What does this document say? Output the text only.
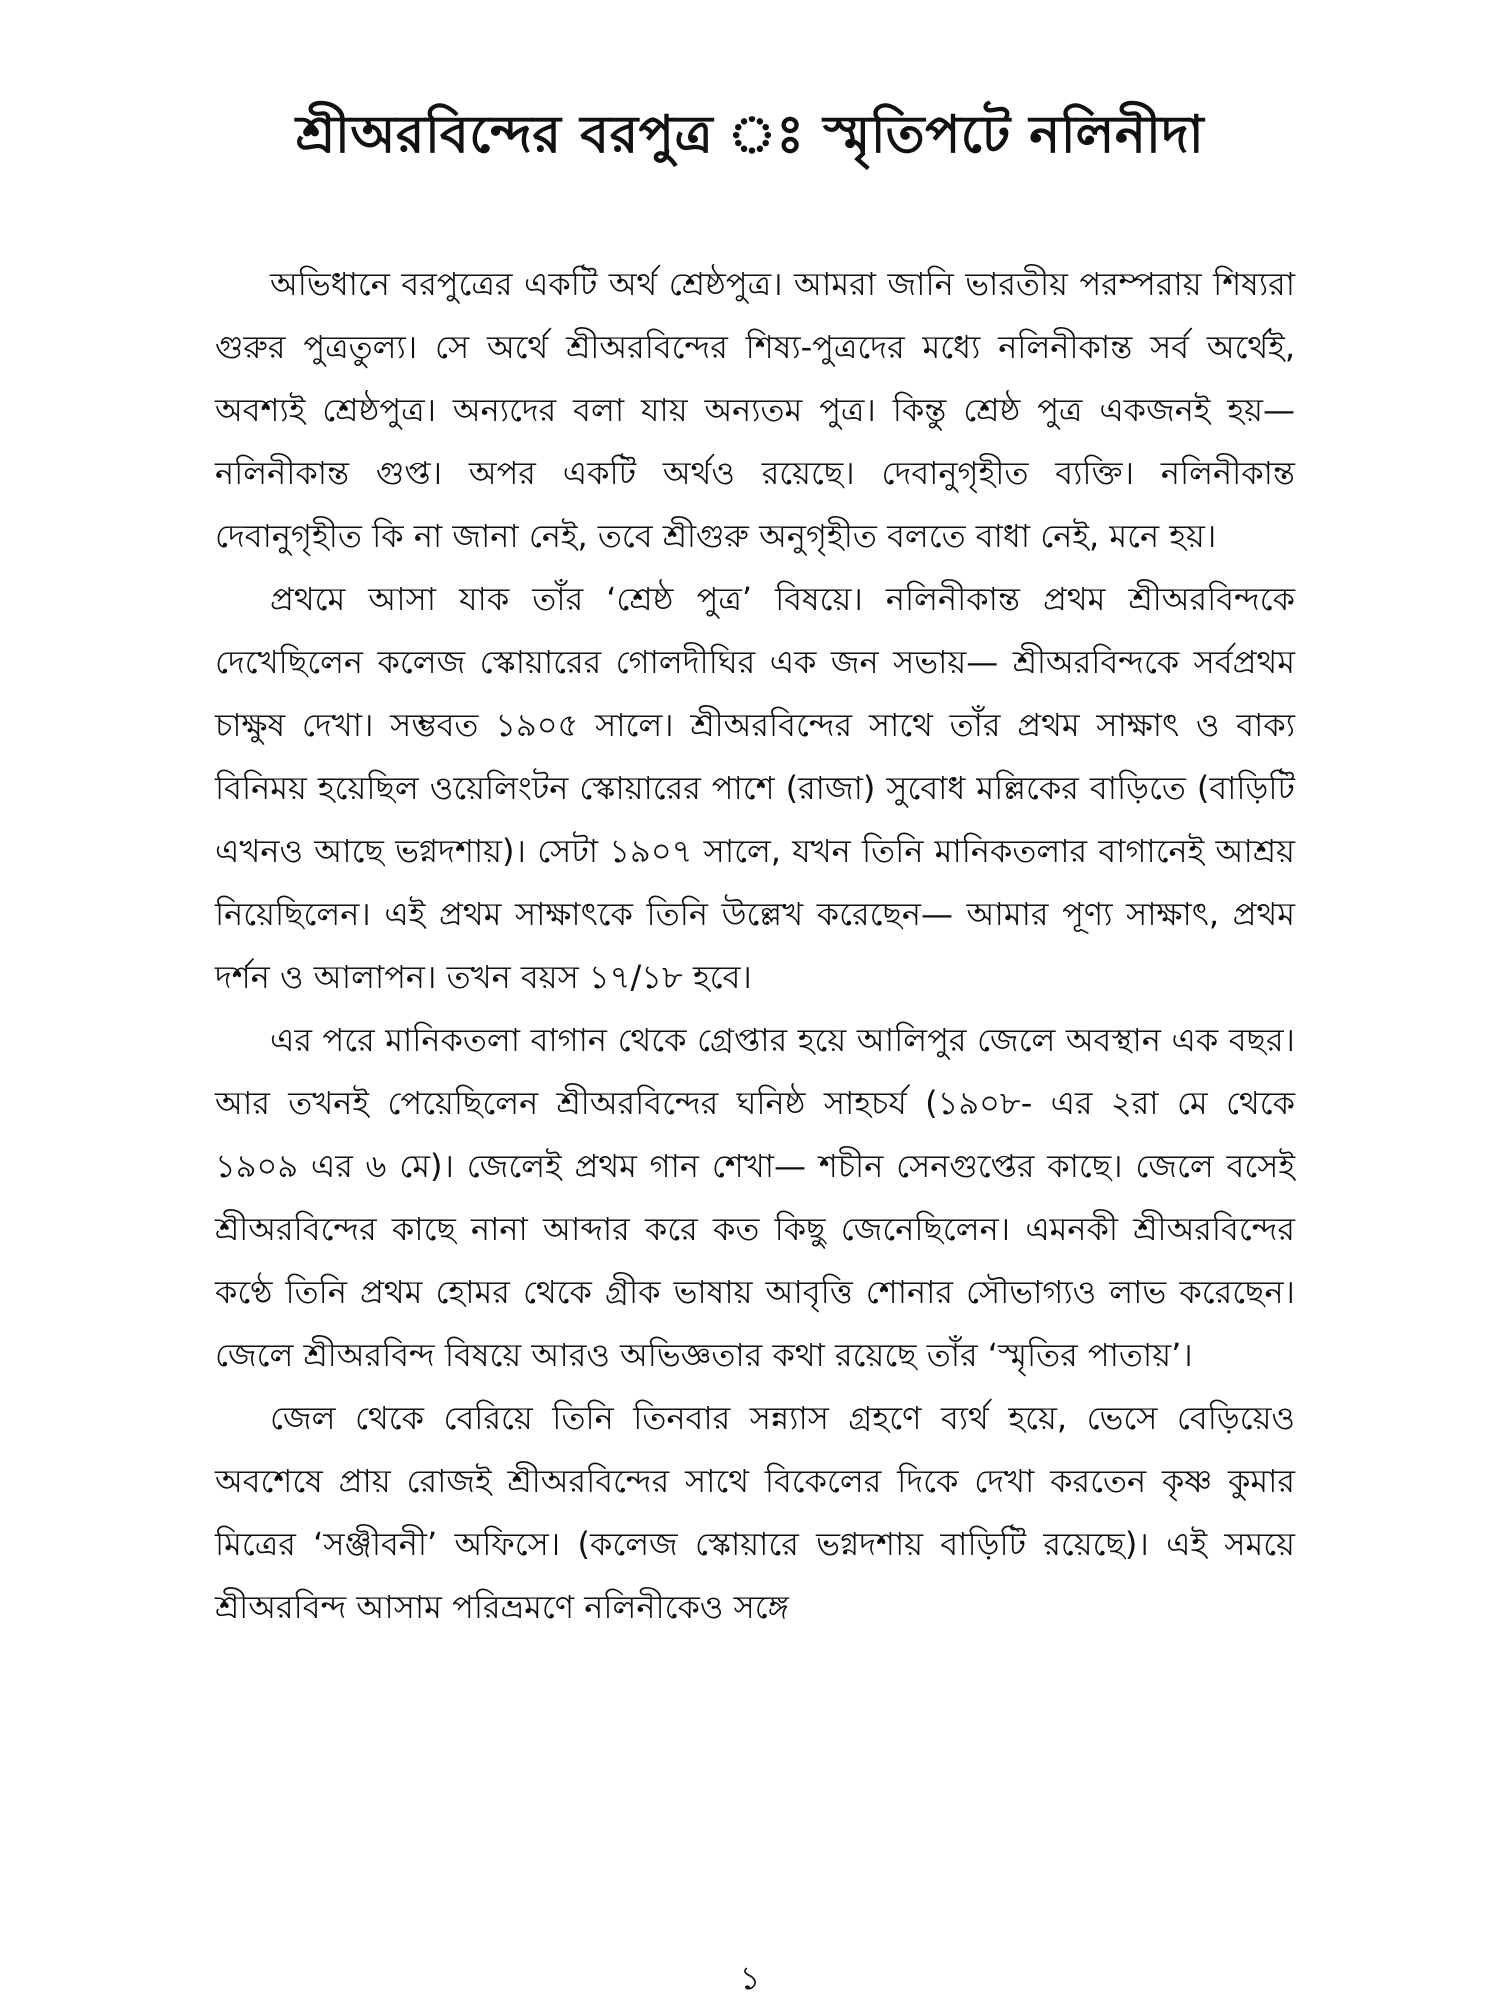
শ্রীঅরবিন্দের বরপুত্র ঃ স্মৃতিপটে নলিনীদা

অভিধানে বরপুত্রের একটি অর্থ শ্রেষ্ঠপুত্র। আমরা জানি ভারতীয় পরম্পরায় শিষ্যরা গুরুর পুত্রতুল্য। সে অর্থে শ্রীঅরবিন্দের শিষ্য-পুত্রদের মধ্যে নলিনীকান্ত সর্ব অর্থেই, অবশ্যই শ্রেষ্ঠপুত্র। অন্যদের বলা যায় অন্যতম পুত্র। কিন্তু শ্রেষ্ঠ পুত্র একজনই হয়— নলিনীকান্ত গুপ্ত। অপর একটি অর্থও রয়েছে। দেবানুগৃহীত ব্যক্তি। নলিনীকান্ত দেবানুগৃহীত কি না জানা নেই, তবে শ্রীগুরু অনুগৃহীত বলতে বাধা নেই, মনে হয়।

প্রথমে আসা যাক তাঁর ‘শ্রেষ্ঠ পুত্র’ বিষয়ে। নলিনীকান্ত প্রথম শ্রীঅরবিন্দকে দেখেছিলেন কলেজ স্কোয়ারের গোলদীঘির এক জন সভায়— শ্রীঅরবিন্দকে সর্বপ্রথম চাক্ষুষ দেখা। সম্ভবত ১৯০৫ সালে। শ্রীঅরবিন্দের সাথে তাঁর প্রথম সাক্ষাৎ ও বাক্য বিনিময় হয়েছিল ওয়েলিংটন স্কোয়ারের পাশে (রাজা) সুবোধ মল্লিকের বাড়িতে (বাড়িটি এখনও আছে ভগ্নদশায়)। সেটা ১৯০৭ সালে, যখন তিনি মানিকতলার বাগানেই আশ্রয় নিয়েছিলেন। এই প্রথম সাক্ষাৎকে তিনি উল্লেখ করেছেন— আমার পূণ্য সাক্ষাৎ, প্রথম দর্শন ও আলাপন। তখন বয়স ১৭/১৮ হবে।

এর পরে মানিকতলা বাগান থেকে গ্রেপ্তার হয়ে আলিপুর জেলে অবস্থান এক বছর। আর তখনই পেয়েছিলেন শ্রীঅরবিন্দের ঘনিষ্ঠ সাহচর্য (১৯০৮- এর ২রা মে থেকে ১৯০৯ এর ৬ মে)। জেলেই প্রথম গান শেখা— শচীন সেনগুপ্তের কাছে। জেলে বসেই শ্রীঅরবিন্দের কাছে নানা আব্দার করে কত কিছু জেনেছিলেন। এমনকী শ্রীঅরবিন্দের কণ্ঠে তিনি প্রথম হোমর থেকে গ্রীক ভাষায় আবৃত্তি শোনার সৌভাগ্যও লাভ করেছেন। জেলে শ্রীঅরবিন্দ বিষয়ে আরও অভিজ্ঞতার কথা রয়েছে তাঁর ‘স্মৃতির পাতায়’।

জেল থেকে বেরিয়ে তিনি তিনবার সন্ন্যাস গ্রহণে ব্যর্থ হয়ে, ভেসে বেড়িয়েও অবশেষে প্রায় রোজই শ্রীঅরবিন্দের সাথে বিকেলের দিকে দেখা করতেন কৃষ্ণ কুমার মিত্রের ‘সঞ্জীবনী’ অফিসে। (কলেজ স্কোয়ারে ভগ্নদশায় বাড়িটি রয়েছে)। এই সময়ে শ্রীঅরবিন্দ আসাম পরিভ্রমণে নলিনীকেও সঙ্গে

১
